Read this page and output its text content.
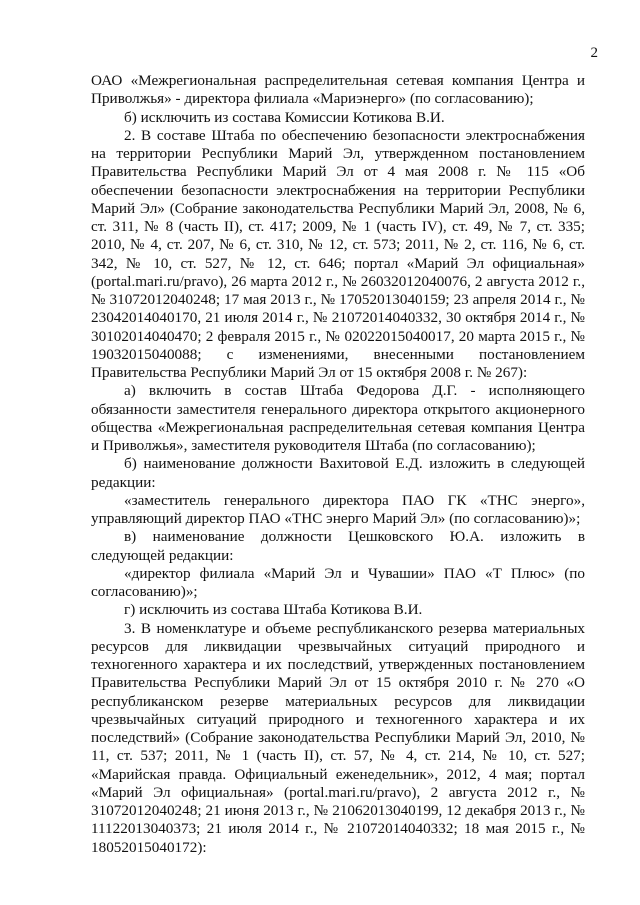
2

ОАО «Межрегиональная распределительная сетевая компания Центра и Приволжья» - директора филиала «Мариэнерго» (по согласованию);

б) исключить из состава Комиссии Котикова В.И.

2. В составе Штаба по обеспечению безопасности электроснабжения на территории Республики Марий Эл, утвержденном постановлением Правительства Республики Марий Эл от 4 мая 2008 г. № 115 «Об обеспечении безопасности электроснабжения на территории Республики Марий Эл» (Собрание законодательства Республики Марий Эл, 2008, № 6, ст. 311, № 8 (часть II), ст. 417; 2009, № 1 (часть IV), ст. 49, № 7, ст. 335; 2010, № 4, ст. 207, № 6, ст. 310, № 12, ст. 573; 2011, № 2, ст. 116, № 6, ст. 342, № 10, ст. 527, № 12, ст. 646; портал «Марий Эл официальная» (portal.mari.ru/pravo), 26 марта 2012 г., № 26032012040076, 2 августа 2012 г., № 31072012040248; 17 мая 2013 г., № 17052013040159; 23 апреля 2014 г., № 23042014040170, 21 июля 2014 г., № 21072014040332, 30 октября 2014 г., № 30102014040470; 2 февраля 2015 г., № 02022015040017, 20 марта 2015 г., № 19032015040088; с изменениями, внесенными постановлением Правительства Республики Марий Эл от 15 октября 2008 г. № 267):

а) включить в состав Штаба Федорова Д.Г. - исполняющего обязанности заместителя генерального директора открытого акционерного общества «Межрегиональная распределительная сетевая компания Центра и Приволжья», заместителя руководителя Штаба (по согласованию);

б) наименование должности Вахитовой Е.Д. изложить в следующей редакции:

«заместитель генерального директора ПАО ГК «ТНС энерго», управляющий директор ПАО «ТНС энерго Марий Эл» (по согласованию)»;

в) наименование должности Цешковского Ю.А. изложить в следующей редакции:

«директор филиала «Марий Эл и Чувашии» ПАО «Т Плюс» (по согласованию)»;

г) исключить из состава Штаба Котикова В.И.

3. В номенклатуре и объеме республиканского резерва материальных ресурсов для ликвидации чрезвычайных ситуаций природного и техногенного характера и их последствий, утвержденных постановлением Правительства Республики Марий Эл от 15 октября 2010 г. № 270 «О республиканском резерве материальных ресурсов для ликвидации чрезвычайных ситуаций природного и техногенного характера и их последствий» (Собрание законодательства Республики Марий Эл, 2010, № 11, ст. 537; 2011, № 1 (часть II), ст. 57, № 4, ст. 214, № 10, ст. 527; «Марийская правда. Официальный еженедельник», 2012, 4 мая; портал «Марий Эл официальная» (portal.mari.ru/pravo), 2 августа 2012 г., № 31072012040248; 21 июня 2013 г., № 21062013040199, 12 декабря 2013 г., № 11122013040373; 21 июля 2014 г., № 21072014040332; 18 мая 2015 г., № 18052015040172):
